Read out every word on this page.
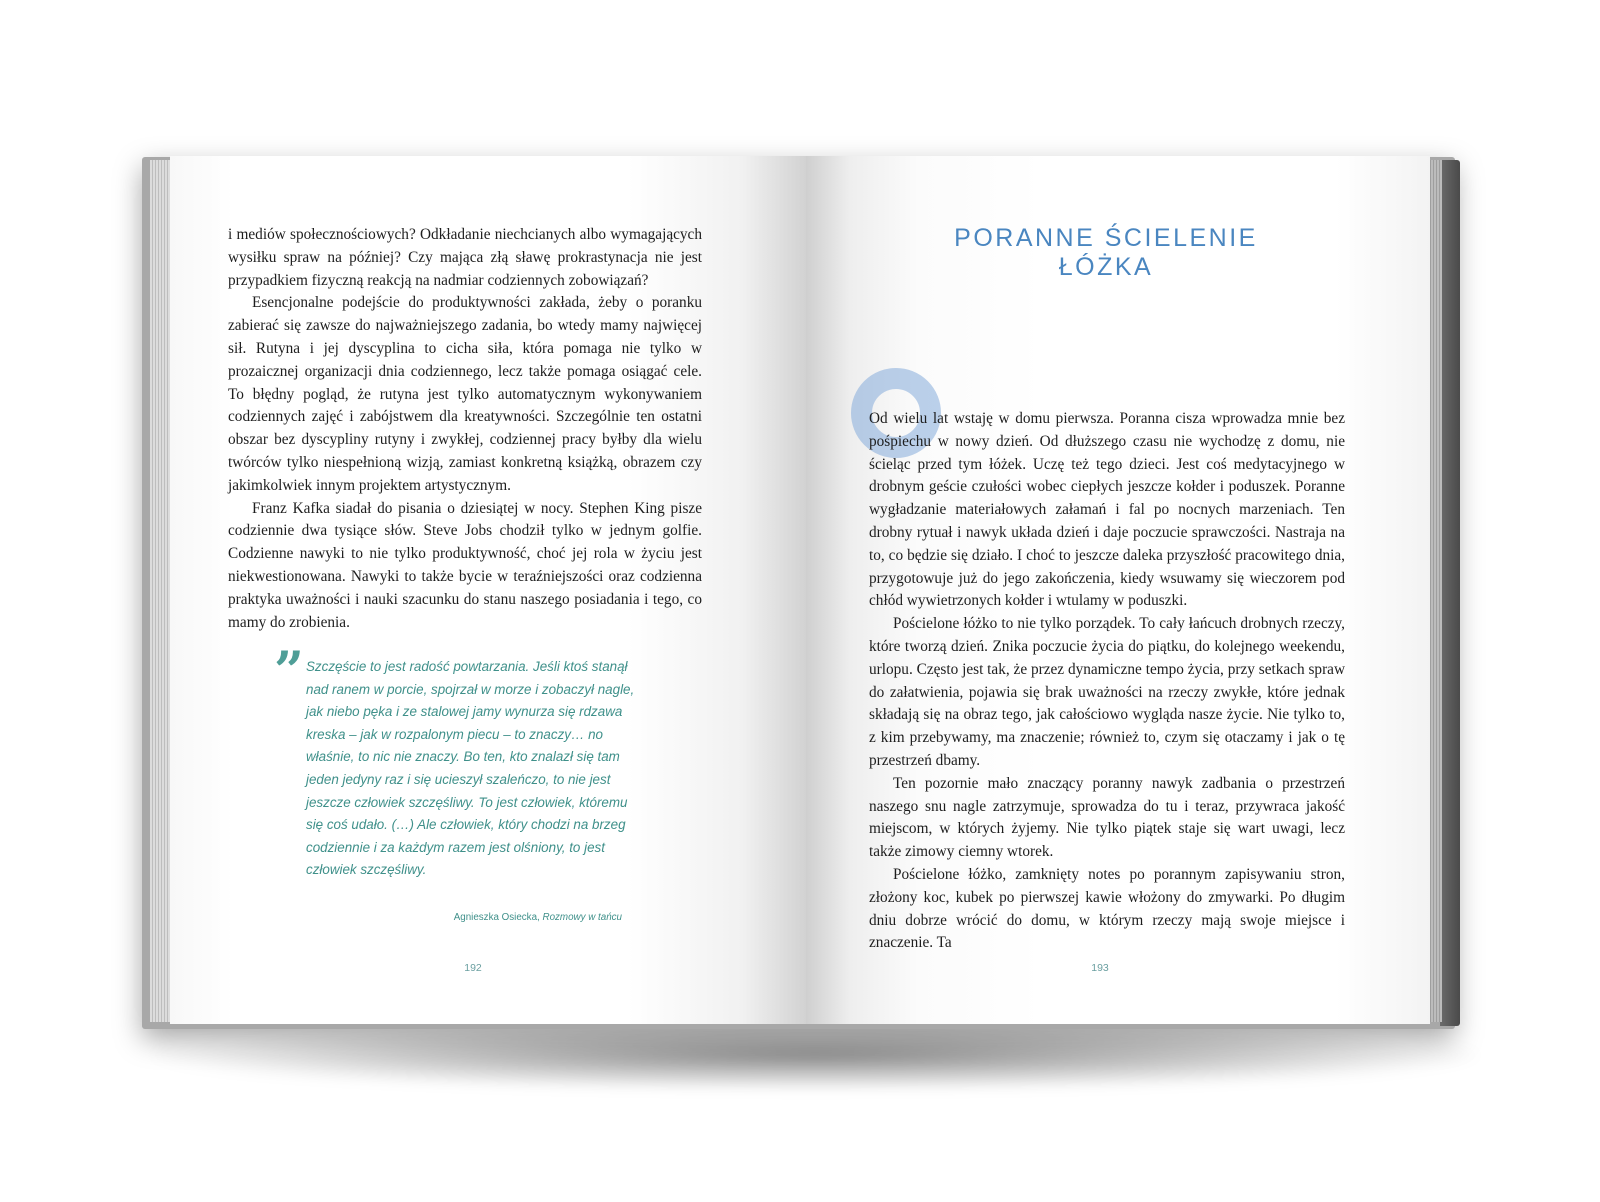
i mediów społecznościowych? Odkładanie niechcianych albo wymagających wysiłku spraw na później? Czy mająca złą sławę prokrastynacja nie jest przypadkiem fizyczną reakcją na nadmiar codziennych zobowiązań?

Esencjonalne podejście do produktywności zakłada, żeby o poranku zabierać się zawsze do najważniejszego zadania, bo wtedy mamy najwięcej sił. Rutyna i jej dyscyplina to cicha siła, która pomaga nie tylko w prozaicznej organizacji dnia codziennego, lecz także pomaga osiągać cele. To błędny pogląd, że rutyna jest tylko automatycznym wykonywaniem codziennych zajęć i zabójstwem dla kreatywności. Szczególnie ten ostatni obszar bez dyscypliny rutyny i zwykłej, codziennej pracy byłby dla wielu twórców tylko niespełnioną wizją, zamiast konkretną książką, obrazem czy jakimkolwiek innym projektem artystycznym.

Franz Kafka siadał do pisania o dziesiątej w nocy. Stephen King pisze codziennie dwa tysiące słów. Steve Jobs chodził tylko w jednym golfie. Codzienne nawyki to nie tylko produktywność, choć jej rola w życiu jest niekwestionowana. Nawyki to także bycie w teraźniejszości oraz codzienna praktyka uważności i nauki szacunku do stanu naszego posiadania i tego, co mamy do zrobienia.

” Szczęście to jest radość powtarzania. Jeśli ktoś stanął nad ranem w porcie, spojrzał w morze i zobaczył nagle, jak niebo pęka i ze stalowej jamy wynurza się rdzawa kreska – jak w rozpalonym piecu – to znaczy… no właśnie, to nic nie znaczy. Bo ten, kto znalazł się tam jeden jedyny raz i się ucieszył szaleńczo, to nie jest jeszcze człowiek szczęśliwy. To jest człowiek, któremu się coś udało. (…) Ale człowiek, który chodzi na brzeg codziennie i za każdym razem jest olśniony, to jest człowiek szczęśliwy.

Agnieszka Osiecka, Rozmowy w tańcu
192
PORANNE ŚCIELENIE
ŁÓŻKA

Od wielu lat wstaję w domu pierwsza. Poranna cisza wprowadza mnie bez pośpiechu w nowy dzień. Od dłuższego czasu nie wychodzę z domu, nie ścieląc przed tym łóżek. Uczę też tego dzieci. Jest coś medytacyjnego w drobnym geście czułości wobec ciepłych jeszcze kołder i poduszek. Poranne wygładzanie materiałowych załamań i fal po nocnych marzeniach. Ten drobny rytuał i nawyk układa dzień i daje poczucie sprawczości. Nastraja na to, co będzie się działo. I choć to jeszcze daleka przyszłość pracowitego dnia, przygotowuje już do jego zakończenia, kiedy wsuwamy się wieczorem pod chłód wywietrzonych kołder i wtulamy w poduszki.

Pościelone łóżko to nie tylko porządek. To cały łańcuch drobnych rzeczy, które tworzą dzień. Znika poczucie życia do piątku, do kolejnego weekendu, urlopu. Często jest tak, że przez dynamiczne tempo życia, przy setkach spraw do załatwienia, pojawia się brak uważności na rzeczy zwykłe, które jednak składają się na obraz tego, jak całościowo wygląda nasze życie. Nie tylko to, z kim przebywamy, ma znaczenie; również to, czym się otaczamy i jak o tę przestrzeń dbamy.

Ten pozornie mało znaczący poranny nawyk zadbania o przestrzeń naszego snu nagle zatrzymuje, sprowadza do tu i teraz, przywraca jakość miejscom, w których żyjemy. Nie tylko piątek staje się wart uwagi, lecz także zimowy ciemny wtorek.

Pościelone łóżko, zamknięty notes po porannym zapisywaniu stron, złożony koc, kubek po pierwszej kawie włożony do zmywarki. Po długim dniu dobrze wrócić do domu, w którym rzeczy mają swoje miejsce i znaczenie. Ta

193
